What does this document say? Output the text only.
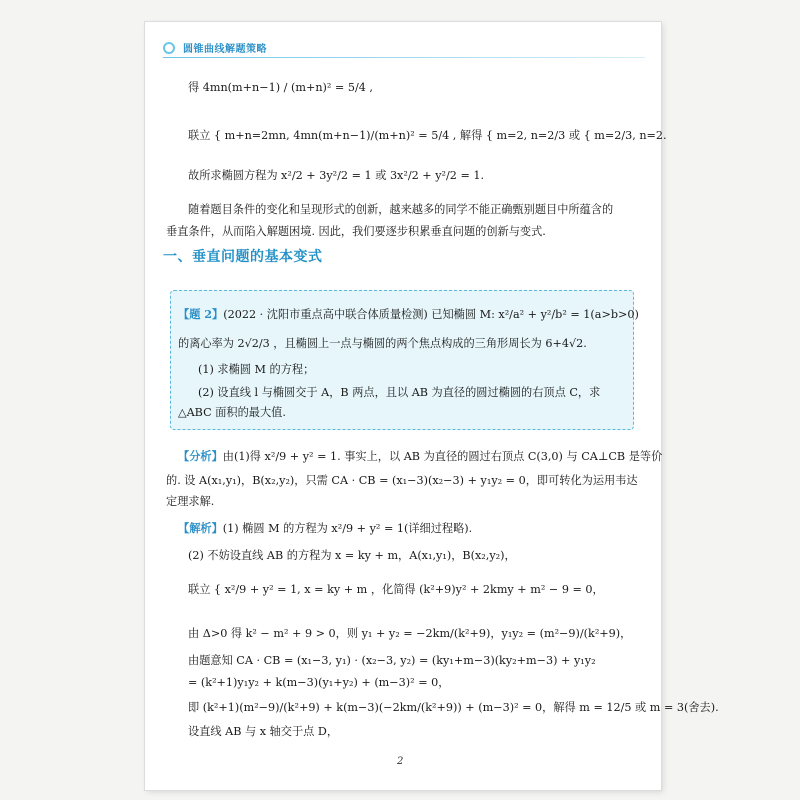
圆锥曲线解题策略
得 4mn(m+n−1) / (m+n)² = 5/4 ,
联立 { m+n=2mn, 4mn(m+n−1)/(m+n)² = 5/4 , 解得 { m=2, n=2/3 或 { m=2/3, n=2.
故所求椭圆方程为 x²/2 + 3y²/2 = 1 或 3x²/2 + y²/2 = 1.
随着题目条件的变化和呈现形式的创新，越来越多的同学不能正确甄别题目中所蕴含的
垂直条件，从而陷入解题困境. 因此，我们要逐步积累垂直问题的创新与变式.
一、垂直问题的基本变式
【题 2】(2022 · 沈阳市重点高中联合体质量检测) 已知椭圆 M: x²/a² + y²/b² = 1(a>b>0)
的离心率为 2√2/3 ，且椭圆上一点与椭圆的两个焦点构成的三角形周长为 6+4√2.
(1) 求椭圆 M 的方程；
(2) 设直线 l 与椭圆交于 A，B 两点，且以 AB 为直径的圆过椭圆的右顶点 C，求
△ABC 面积的最大值.
【分析】由(1)得 x²/9 + y² = 1. 事实上，以 AB 为直径的圆过右顶点 C(3,0) 与 CA⊥CB 是等价
的. 设 A(x₁,y₁)，B(x₂,y₂)，只需 CA · CB = (x₁−3)(x₂−3) + y₁y₂ = 0，即可转化为运用韦达
定理求解.
【解析】(1) 椭圆 M 的方程为 x²/9 + y² = 1(详细过程略).
(2) 不妨设直线 AB 的方程为 x = ky + m，A(x₁,y₁)，B(x₂,y₂)，
联立 { x²/9 + y² = 1, x = ky + m ，化简得 (k²+9)y² + 2kmy + m² − 9 = 0，
由 Δ>0 得 k² − m² + 9 > 0，则 y₁ + y₂ = −2km/(k²+9)，y₁y₂ = (m²−9)/(k²+9)，
由题意知 CA · CB = (x₁−3, y₁) · (x₂−3, y₂) = (ky₁+m−3)(ky₂+m−3) + y₁y₂
= (k²+1)y₁y₂ + k(m−3)(y₁+y₂) + (m−3)² = 0，
即 (k²+1)(m²−9)/(k²+9) + k(m−3)(−2km/(k²+9)) + (m−3)² = 0，解得 m = 12/5 或 m = 3(舍去).
设直线 AB 与 x 轴交于点 D，
2
